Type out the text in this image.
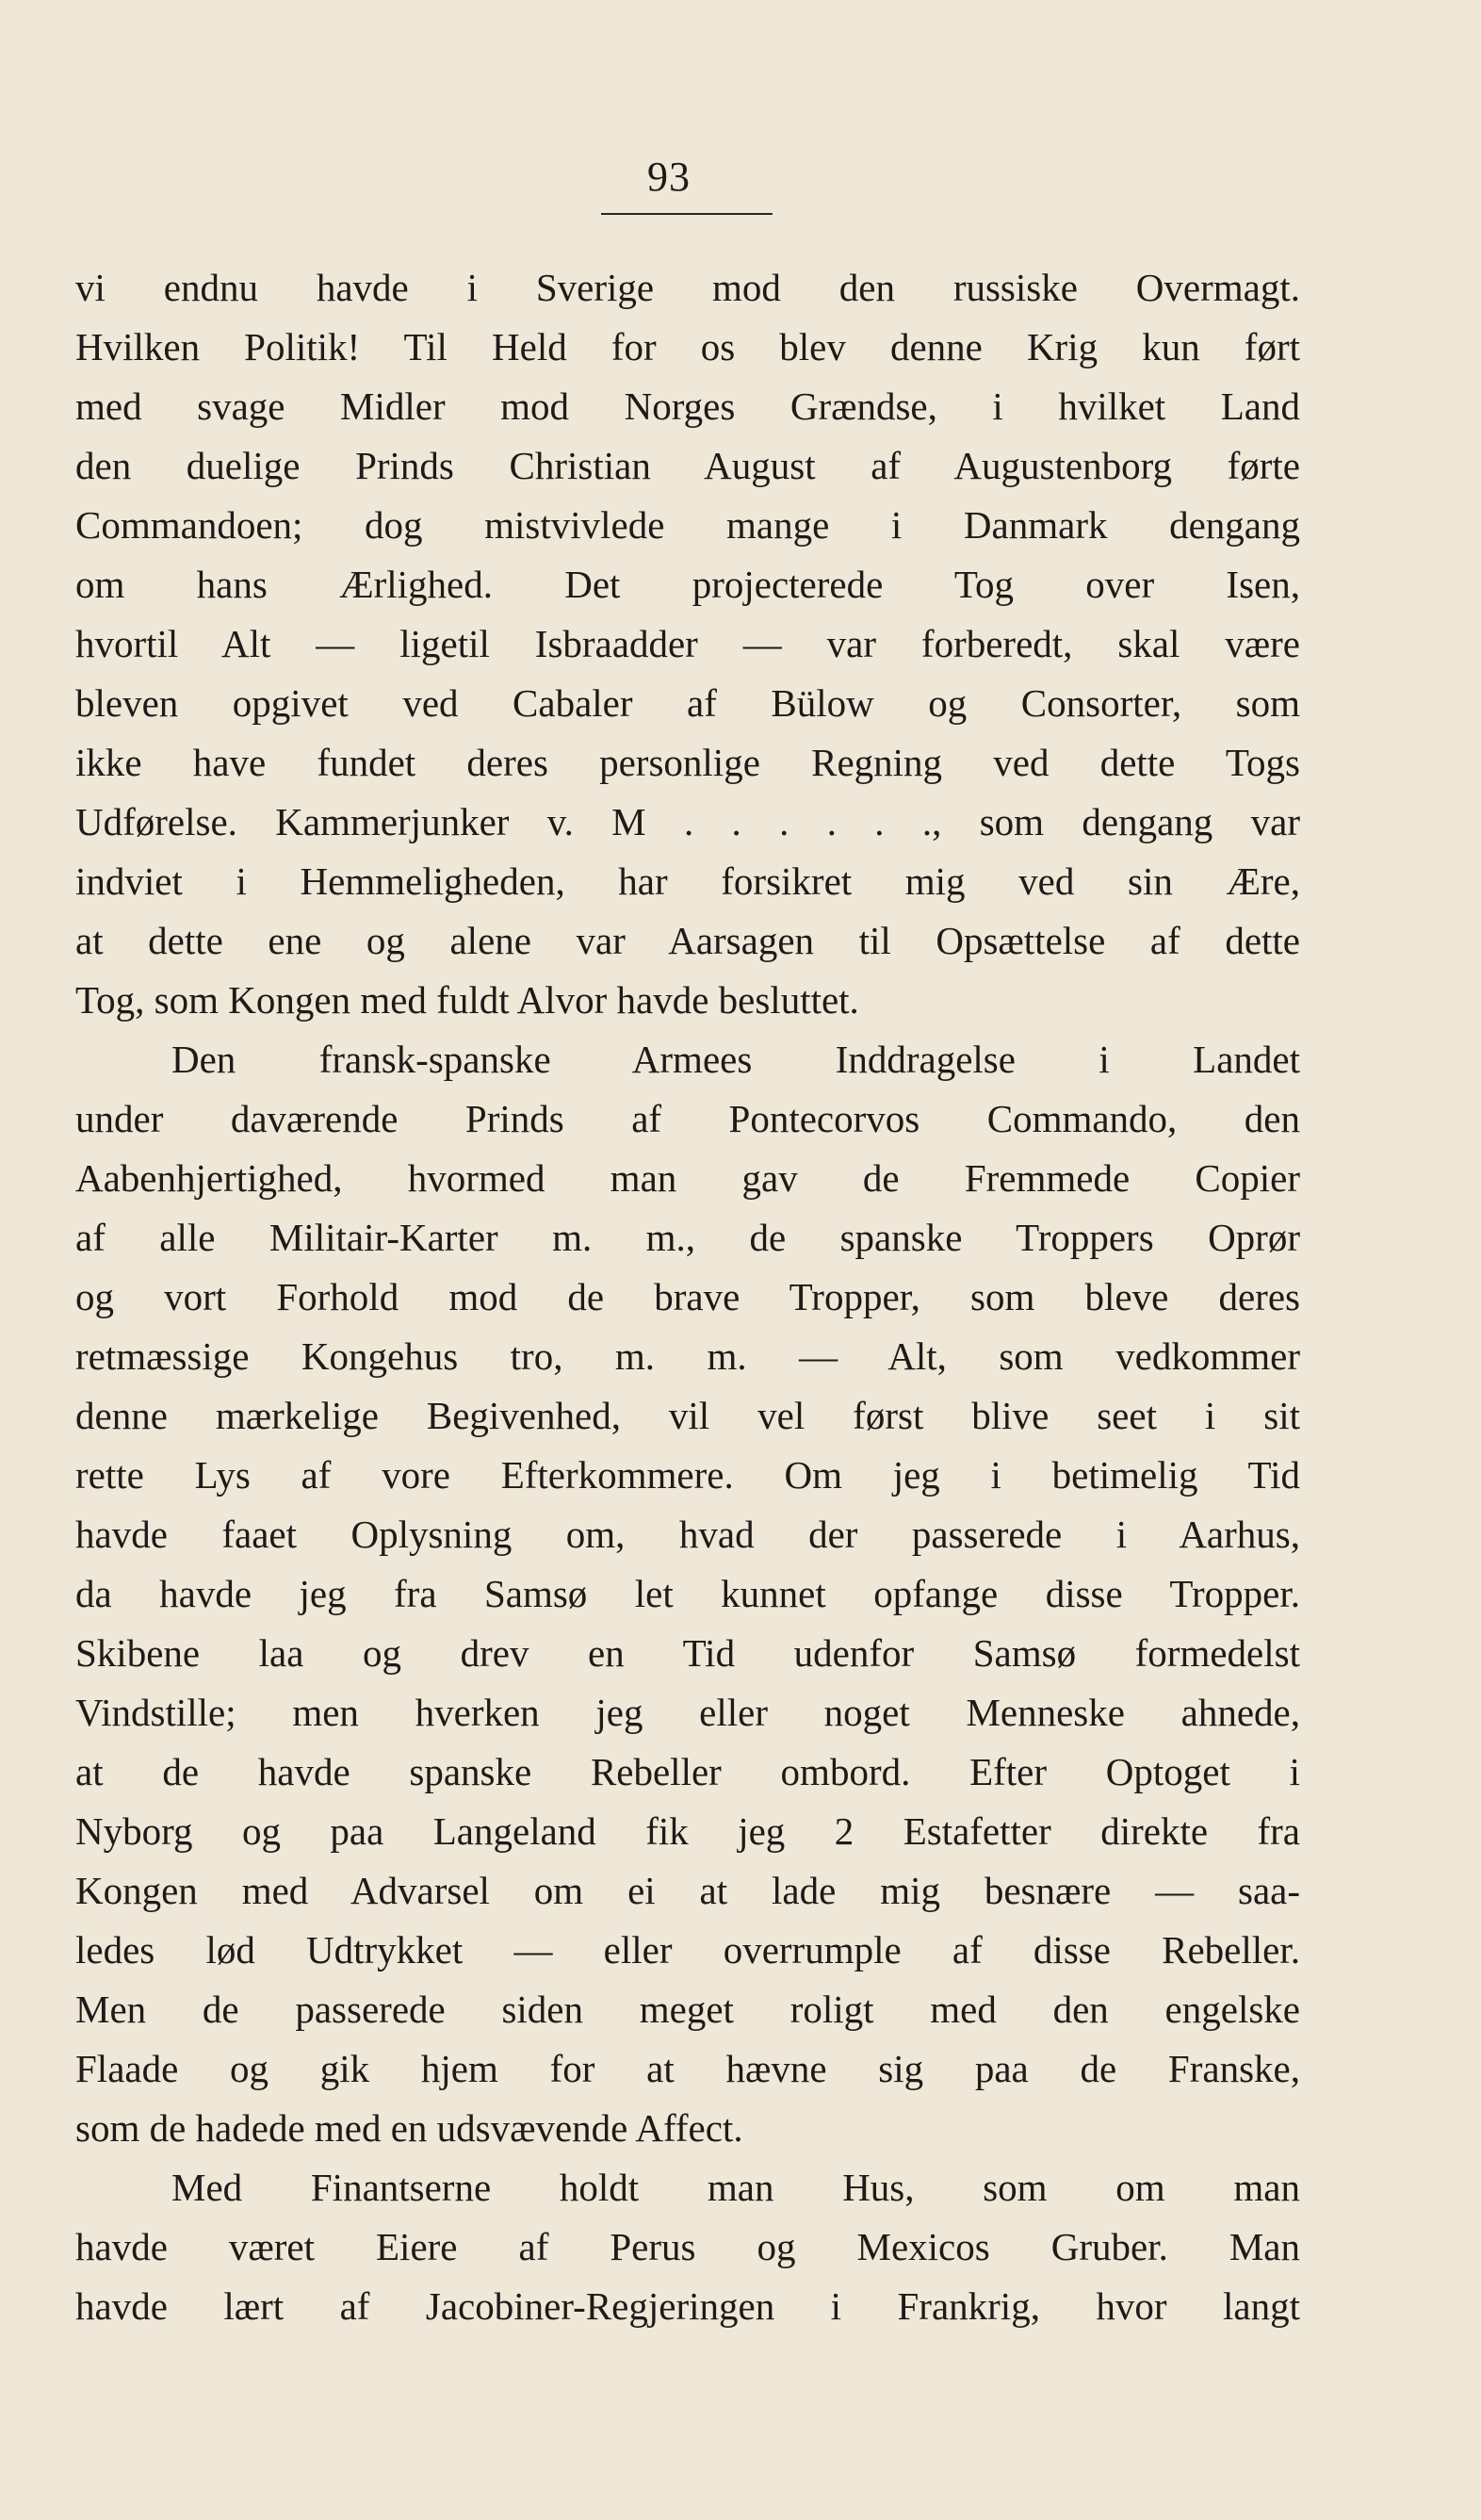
93
vi endnu havde i Sverige mod den russiske Overmagt.
Hvilken Politik! Til Held for os blev denne Krig kun ført
med svage Midler mod Norges Grændse, i hvilket Land
den duelige Prinds Christian August af Augustenborg førte
Commandoen; dog mistvivlede mange i Danmark dengang
om hans Ærlighed. Det projecterede Tog over Isen,
hvortil Alt — ligetil Isbraadder — var forberedt, skal være
bleven opgivet ved Cabaler af Bülow og Consorter, som
ikke have fundet deres personlige Regning ved dette Togs
Udførelse. Kammerjunker v. M . . . . . ., som dengang var
indviet i Hemmeligheden, har forsikret mig ved sin Ære,
at dette ene og alene var Aarsagen til Opsættelse af dette
Tog, som Kongen med fuldt Alvor havde besluttet.
Den fransk-spanske Armees Inddragelse i Landet
under daværende Prinds af Pontecorvos Commando, den
Aabenhjertighed, hvormed man gav de Fremmede Copier
af alle Militair-Karter m. m., de spanske Troppers Oprør
og vort Forhold mod de brave Tropper, som bleve deres
retmæssige Kongehus tro, m. m. — Alt, som vedkommer
denne mærkelige Begivenhed, vil vel først blive seet i sit
rette Lys af vore Efterkommere. Om jeg i betimelig Tid
havde faaet Oplysning om, hvad der passerede i Aarhus,
da havde jeg fra Samsø let kunnet opfange disse Tropper.
Skibene laa og drev en Tid udenfor Samsø formedelst
Vindstille; men hverken jeg eller noget Menneske ahnede,
at de havde spanske Rebeller ombord. Efter Optoget i
Nyborg og paa Langeland fik jeg 2 Estafetter direkte fra
Kongen med Advarsel om ei at lade mig besnære — saa-
ledes lød Udtrykket — eller overrumple af disse Rebeller.
Men de passerede siden meget roligt med den engelske
Flaade og gik hjem for at hævne sig paa de Franske,
som de hadede med en udsvævende Affect.
Med Finantserne holdt man Hus, som om man
havde været Eiere af Perus og Mexicos Gruber. Man
havde lært af Jacobiner-Regjeringen i Frankrig, hvor langt
